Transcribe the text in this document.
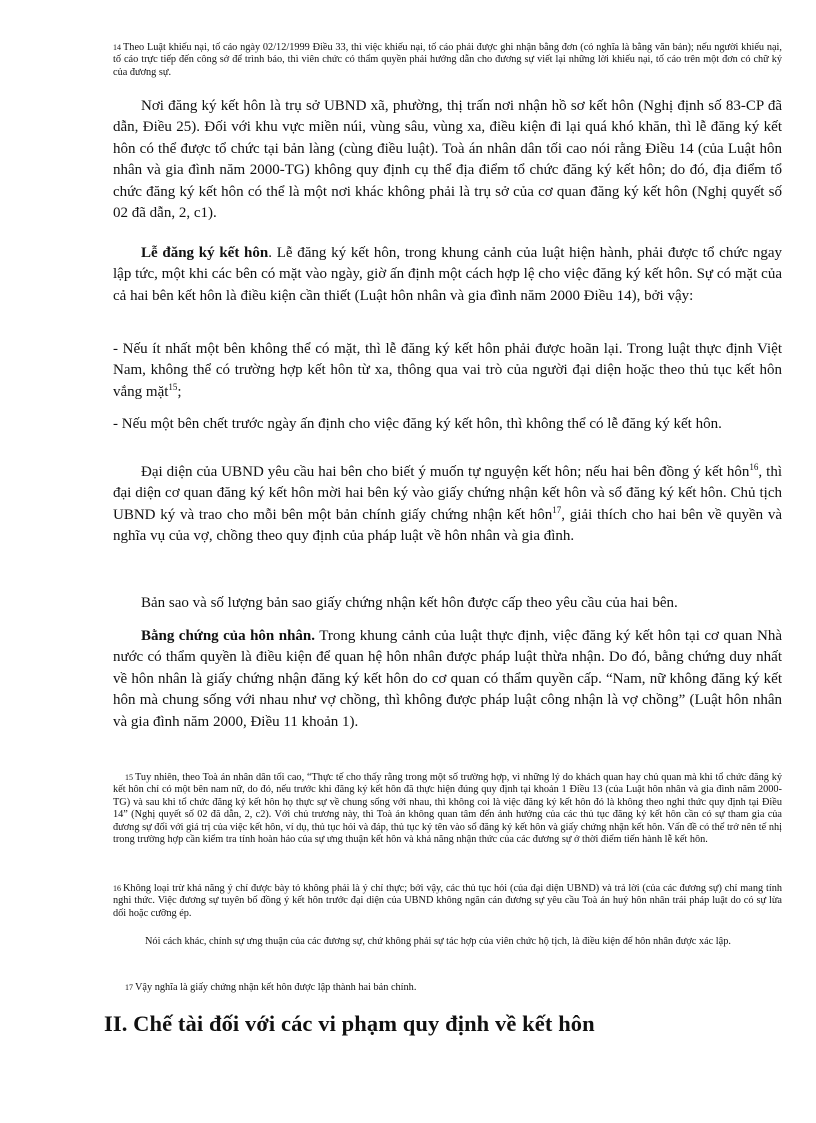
14 Theo Luật khiếu nại, tố cáo ngày 02/12/1999 Điều 33, thì việc khiếu nại, tố cáo phải được ghi nhận bằng đơn (có nghĩa là bằng văn bản); nếu người khiếu nại, tố cáo trực tiếp đến công sở để trình báo, thì viên chức có thẩm quyền phải hướng dẫn cho đương sự viết lại những lời khiếu nại, tố cáo trên một đơn có chữ ký của đương sự.

Nơi đăng ký kết hôn là trụ sở UBND xã, phường, thị trấn nơi nhận hồ sơ kết hôn (Nghị định số 83-CP đã dẫn, Điều 25). Đối với khu vực miền núi, vùng sâu, vùng xa, điều kiện đi lại quá khó khăn, thì lễ đăng ký kết hôn có thể được tổ chức tại bản làng (cùng điều luật). Toà án nhân dân tối cao nói rằng Điều 14 (của Luật hôn nhân và gia đình năm 2000-TG) không quy định cụ thể địa điểm tổ chức đăng ký kết hôn; do đó, địa điểm tổ chức đăng ký kết hôn có thể là một nơi khác không phải là trụ sở của cơ quan đăng ký kết hôn (Nghị quyết số 02 đã dẫn, 2, c1).

Lễ đăng ký kết hôn. Lễ đăng ký kết hôn, trong khung cảnh của luật hiện hành, phải được tổ chức ngay lập tức, một khi các bên có mặt vào ngày, giờ ấn định một cách hợp lệ cho việc đăng ký kết hôn. Sự có mặt của cả hai bên kết hôn là điều kiện cần thiết (Luật hôn nhân và gia đình năm 2000 Điều 14), bởi vậy:

- Nếu ít nhất một bên không thể có mặt, thì lễ đăng ký kết hôn phải được hoãn lại. Trong luật thực định Việt Nam, không thể có trường hợp kết hôn từ xa, thông qua vai trò của người đại diện hoặc theo thủ tục kết hôn vắng mặt$^{15}$;

- Nếu một bên chết trước ngày ấn định cho việc đăng ký kết hôn, thì không thể có lễ đăng ký kết hôn.

Đại diện của UBND yêu cầu hai bên cho biết ý muốn tự nguyện kết hôn; nếu hai bên đồng ý kết hôn$^{16}$, thì đại diện cơ quan đăng ký kết hôn mời hai bên ký vào giấy chứng nhận kết hôn và sổ đăng ký kết hôn. Chủ tịch UBND ký và trao cho mỗi bên một bản chính giấy chứng nhận kết hôn$^{17}$, giải thích cho hai bên về quyền và nghĩa vụ của vợ, chồng theo quy định của pháp luật về hôn nhân và gia đình.

Bản sao và số lượng bản sao giấy chứng nhận kết hôn được cấp theo yêu cầu của hai bên.

Bằng chứng của hôn nhân. Trong khung cảnh của luật thực định, việc đăng ký kết hôn tại cơ quan Nhà nước có thẩm quyền là điều kiện để quan hệ hôn nhân được pháp luật thừa nhận. Do đó, bằng chứng duy nhất về hôn nhân là giấy chứng nhận đăng ký kết hôn do cơ quan có thẩm quyền cấp. “Nam, nữ không đăng ký kết hôn mà chung sống với nhau như vợ chồng, thì không được pháp luật công nhận là vợ chồng” (Luật hôn nhân và gia đình năm 2000, Điều 11 khoản 1).

15 Tuy nhiên, theo Toà án nhân dân tối cao, “Thực tế cho thấy rằng trong một số trường hợp, vì những lý do khách quan hay chủ quan mà khi tổ chức đăng ký kết hôn chỉ có một bên nam nữ, do đó, nếu trước khi đăng ký kết hôn đã thực hiện đúng quy định tại khoản 1 Điều 13 (của Luật hôn nhân và gia đình năm 2000-TG) và sau khi tổ chức đăng ký kết hôn họ thực sự về chung sống với nhau, thì không coi là việc đăng ký kết hôn đó là không theo nghi thức quy định tại Điều 14” (Nghị quyết số 02 đã dẫn, 2, c2). Với chủ trương này, thì Toà án không quan tâm đến ảnh hưởng của các thủ tục đăng ký kết hôn cần có sự tham gia của đương sự đối với giá trị của việc kết hôn, ví dụ, thủ tục hỏi và đáp, thủ tục ký tên vào sổ đăng ký kết hôn và giấy chứng nhận kết hôn. Vấn đề có thể trở nên tế nhị trong trường hợp cần kiểm tra tính hoàn hảo của sự ưng thuận kết hôn và khả năng nhận thức của các đương sự ở thời điểm tiến hành lễ kết hôn.

16 Không loại trừ khả năng ý chí được bày tỏ không phải là ý chí thực; bởi vậy, các thủ tục hỏi (của đại diện UBND) và trả lời (của các đương sự) chỉ mang tính nghi thức. Việc đương sự tuyên bố đồng ý kết hôn trước đại diện của UBND không ngăn cản đương sự yêu cầu Toà án huỷ hôn nhân trái pháp luật do có sự lừa dối hoặc cưỡng ép.

Nói cách khác, chính sự ưng thuận của các đương sự, chứ không phải sự tác hợp của viên chức hộ tịch, là điều kiện để hôn nhân được xác lập.

17 Vậy nghĩa là giấy chứng nhận kết hôn được lập thành hai bản chính.

II. Chế tài đối với các vi phạm quy định về kết hôn
